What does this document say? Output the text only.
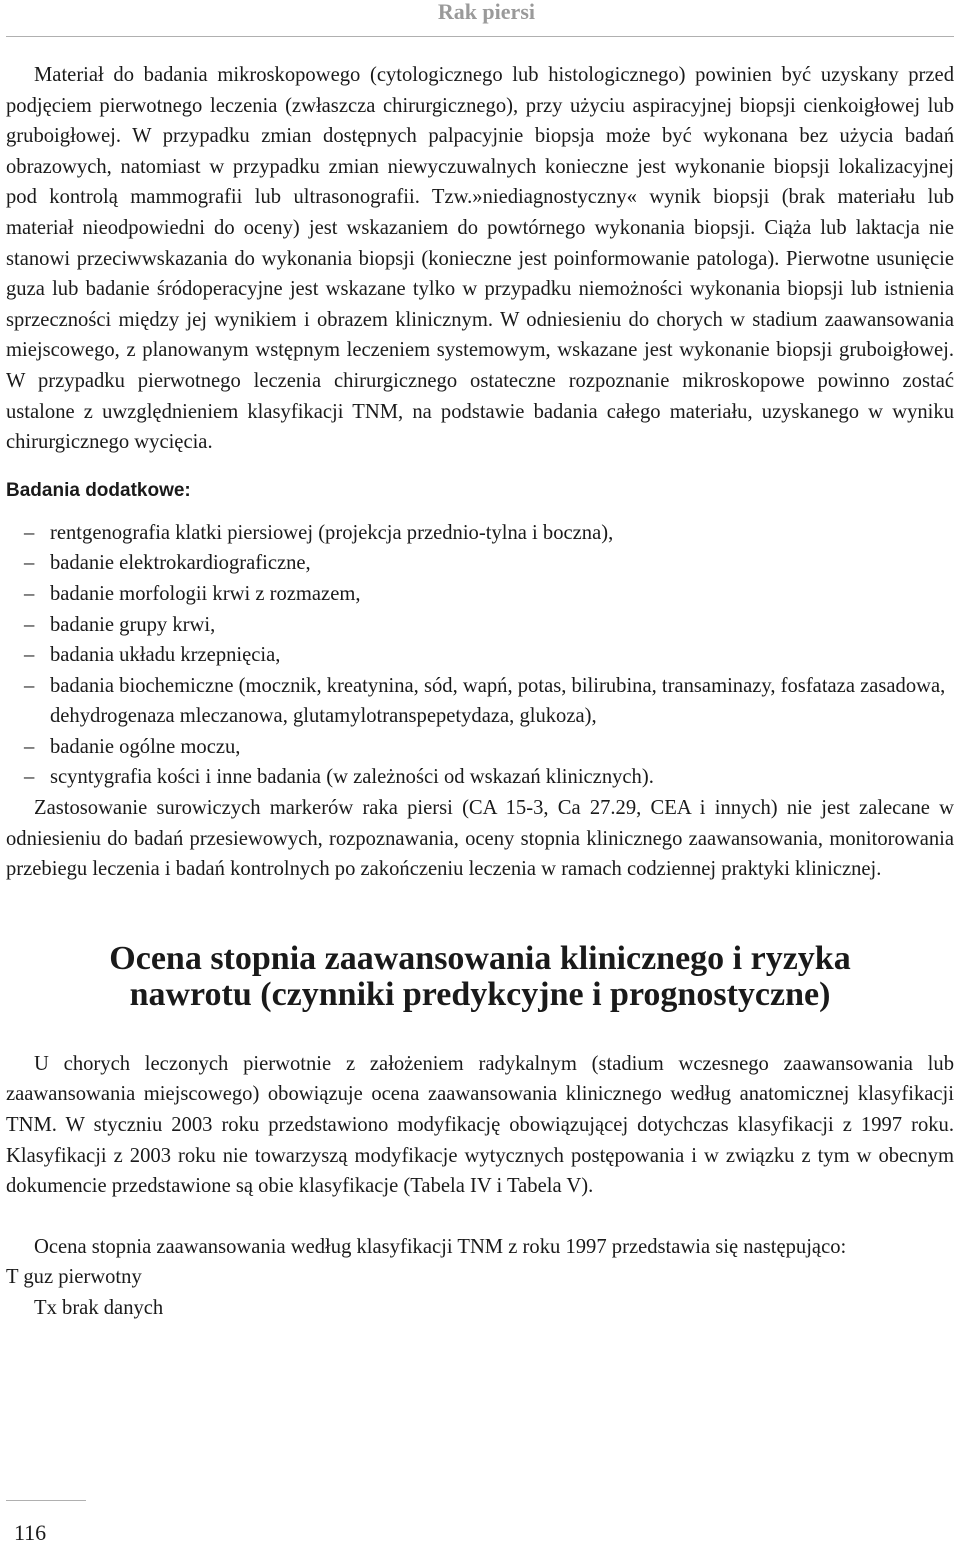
Rak piersi

Materiał do badania mikroskopowego (cytologicznego lub histologicznego) powinien być uzyskany przed podjęciem pierwotnego leczenia (zwłaszcza chirurgicznego), przy użyciu aspiracyjnej biopsji cienkoigłowej lub gruboigłowej. W przypadku zmian dostępnych palpacyjnie biopsja może być wykonana bez użycia badań obrazowych, natomiast w przypadku zmian niewyczuwalnych konieczne jest wykonanie biopsji lokalizacyjnej pod kontrolą mammografii lub ultrasonografii. Tzw.»niediagnostyczny« wynik biopsji (brak materiału lub materiał nieodpowiedni do oceny) jest wskazaniem do powtórnego wykonania biopsji. Ciąża lub laktacja nie stanowi przeciwwskazania do wykonania biopsji (konieczne jest poinformowanie patologa). Pierwotne usunięcie guza lub badanie śródoperacyjne jest wskazane tylko w przypadku niemożności wykonania biopsji lub istnienia sprzeczności między jej wynikiem i obrazem klinicznym. W odniesieniu do chorych w stadium zaawansowania miejscowego, z planowanym wstępnym leczeniem systemowym, wskazane jest wykonanie biopsji gruboigłowej. W przypadku pierwotnego leczenia chirurgicznego ostateczne rozpoznanie mikroskopowe powinno zostać ustalone z uwzględnieniem klasyfikacji TNM, na podstawie badania całego materiału, uzyskanego w wyniku chirurgicznego wycięcia.

Badania dodatkowe:
– rentgenografia klatki piersiowej (projekcja przednio-tylna i boczna),
– badanie elektrokardiograficzne,
– badanie morfologii krwi z rozmazem,
– badanie grupy krwi,
– badania układu krzepnięcia,
– badania biochemiczne (mocznik, kreatynina, sód, wapń, potas, bilirubina, transaminazy, fosfataza zasadowa, dehydrogenaza mleczanowa, glutamylotranspepetydaza, glukoza),
– badanie ogólne moczu,
– scyntygrafia kości i inne badania (w zależności od wskazań klinicznych).

Zastosowanie surowiczych markerów raka piersi (CA 15-3, Ca 27.29, CEA i innych) nie jest zalecane w odniesieniu do badań przesiewowych, rozpoznawania, oceny stopnia klinicznego zaawansowania, monitorowania przebiegu leczenia i badań kontrolnych po zakończeniu leczenia w ramach codziennej praktyki klinicznej.

Ocena stopnia zaawansowania klinicznego i ryzyka
nawrotu (czynniki predykcyjne i prognostyczne)

U chorych leczonych pierwotnie z założeniem radykalnym (stadium wczesnego zaawansowania lub zaawansowania miejscowego) obowiązuje ocena zaawansowania klinicznego według anatomicznej klasyfikacji TNM. W styczniu 2003 roku przedstawiono modyfikację obowiązującej dotychczas klasyfikacji z 1997 roku. Klasyfikacji z 2003 roku nie towarzyszą modyfikacje wytycznych postępowania i w związku z tym w obecnym dokumencie przedstawione są obie klasyfikacje (Tabela IV i Tabela V).

Ocena stopnia zaawansowania według klasyfikacji TNM z roku 1997 przedstawia się następująco:

T guz pierwotny

Tx brak danych

116
